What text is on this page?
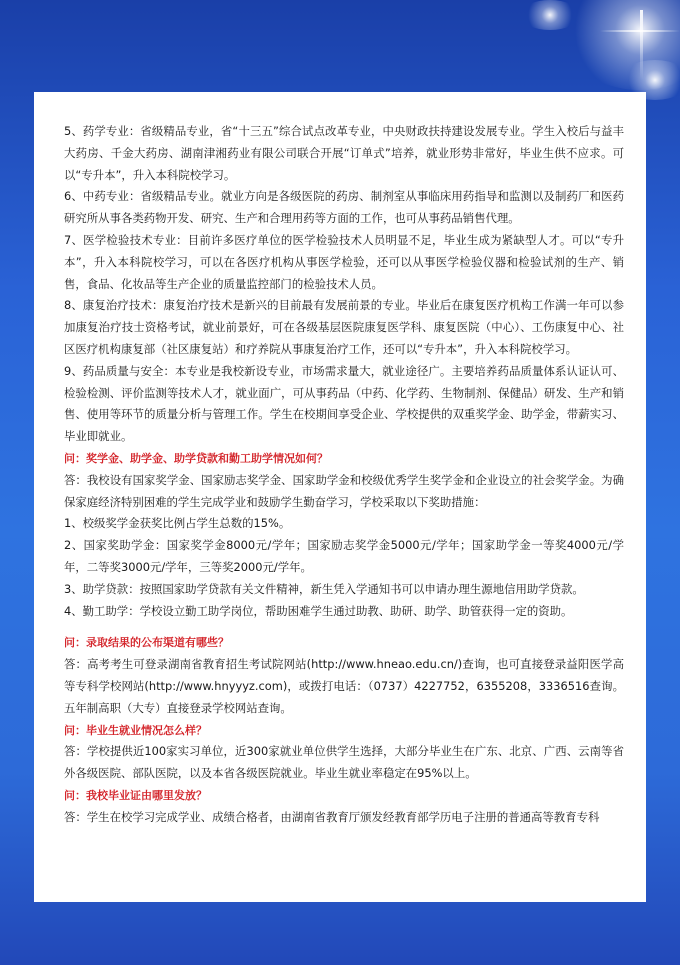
5、药学专业：省级精品专业，省“十三五”综合试点改革专业，中央财政扶持建设发展专业。学生入校后与益丰大药房、千金大药房、湖南津湘药业有限公司联合开展“订单式”培养，就业形势非常好，毕业生供不应求。可以“专升本”，升入本科院校学习。

6、中药专业：省级精品专业。就业方向是各级医院的药房、制剂室从事临床用药指导和监测以及制药厂和医药研究所从事各类药物开发、研究、生产和合理用药等方面的工作，也可从事药品销售代理。

7、医学检验技术专业：目前许多医疗单位的医学检验技术人员明显不足，毕业生成为紧缺型人才。可以“专升本”，升入本科院校学习，可以在各医疗机构从事医学检验，还可以从事医学检验仪器和检验试剂的生产、销售，食品、化妆品等生产企业的质量监控部门的检验技术人员。

8、康复治疗技术：康复治疗技术是新兴的目前最有发展前景的专业。毕业后在康复医疗机构工作满一年可以参加康复治疗技士资格考试，就业前景好，可在各级基层医院康复医学科、康复医院（中心）、工伤康复中心、社区医疗机构康复部（社区康复站）和疗养院从事康复治疗工作，还可以“专升本”，升入本科院校学习。

9、药品质量与安全：本专业是我校新设专业，市场需求量大，就业途径广。主要培养药品质量体系认证认可、检验检测、评价监测等技术人才，就业面广，可从事药品（中药、化学药、生物制剂、保健品）研发、生产和销售、使用等环节的质量分析与管理工作。学生在校期间享受企业、学校提供的双重奖学金、助学金，带薪实习、毕业即就业。

问：奖学金、助学金、助学贷款和勤工助学情况如何？

答：我校设有国家奖学金、国家励志奖学金、国家助学金和校级优秀学生奖学金和企业设立的社会奖学金。为确保家庭经济特别困难的学生完成学业和鼓励学生勤奋学习，学校采取以下奖助措施：

1、校级奖学金获奖比例占学生总数的15%。

2、国家奖助学金：国家奖学金8000元/学年；国家励志奖学金5000元/学年；国家助学金一等奖4000元/学年，二等奖3000元/学年，三等奖2000元/学年。

3、助学贷款：按照国家助学贷款有关文件精神，新生凭入学通知书可以申请办理生源地信用助学贷款。

4、勤工助学：学校设立勤工助学岗位，帮助困难学生通过助教、助研、助学、助管获得一定的资助。

问：录取结果的公布渠道有哪些？

答：高考考生可登录湖南省教育招生考试院网站(http://www.hneao.edu.cn/)查询，也可直接登录益阳医学高等专科学校网站(http://www.hnyyyz.com)，或拨打电话：（0737）4227752，6355208，3336516查询。五年制高职（大专）直接登录学校网站查询。

问：毕业生就业情况怎么样？

答：学校提供近100家实习单位，近300家就业单位供学生选择，大部分毕业生在广东、北京、广西、云南等省外各级医院、部队医院，以及本省各级医院就业。毕业生就业率稳定在95%以上。

问：我校毕业证由哪里发放？

答：学生在校学习完成学业、成绩合格者，由湖南省教育厅颁发经教育部学历电子注册的普通高等教育专科
